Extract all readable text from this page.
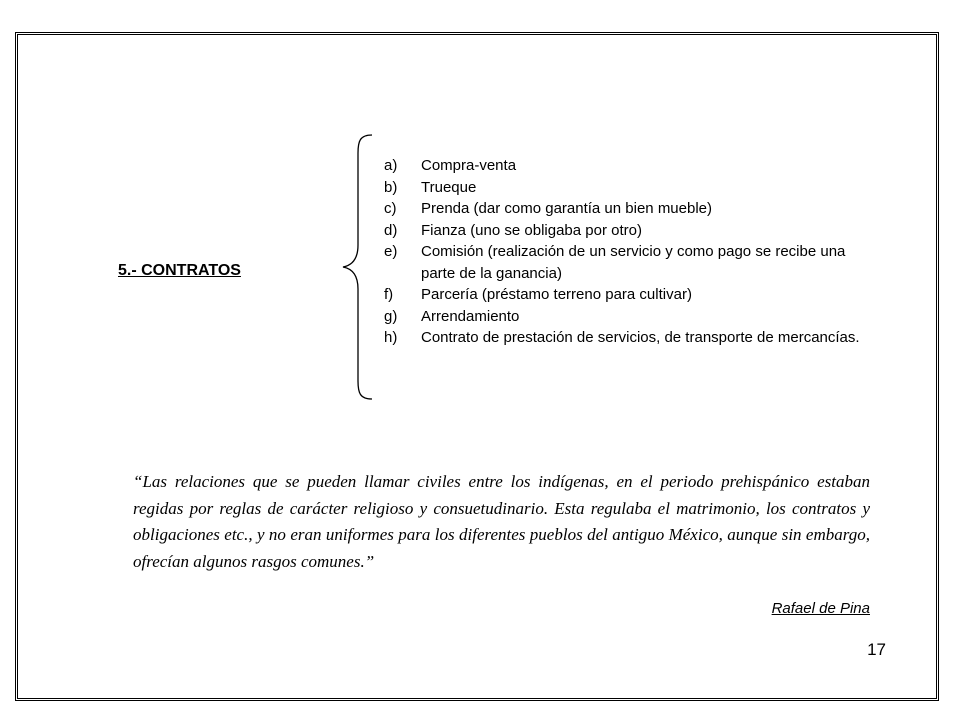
5.- CONTRATOS
a) Compra-venta
b) Trueque
c) Prenda (dar como garantía un bien mueble)
d) Fianza (uno se obligaba por otro)
e) Comisión (realización de un servicio y como pago se recibe una parte de la ganancia)
f) Parcería (préstamo terreno para cultivar)
g) Arrendamiento
h) Contrato de prestación de servicios, de transporte de mercancías.

“Las relaciones que se pueden llamar civiles entre los indígenas, en el periodo prehispánico estaban regidas por reglas de carácter religioso y consuetudinario. Esta regulaba el matrimonio, los contratos y obligaciones etc., y no eran uniformes para los diferentes pueblos del antiguo México, aunque sin embargo, ofrecían algunos rasgos comunes.”

Rafael de Pina
17
